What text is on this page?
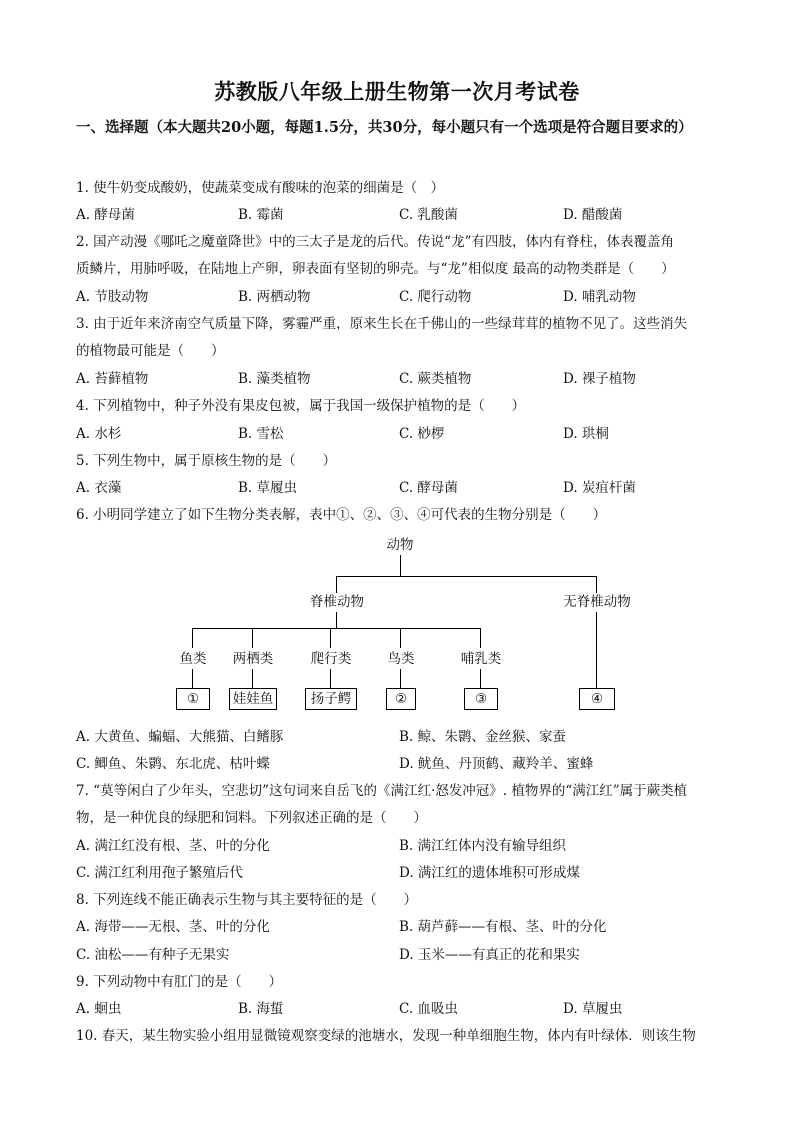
苏教版八年级上册生物第一次月考试卷
一、选择题（本大题共20小题，每题1.5分，共30分，每小题只有一个选项是符合题目要求的）
1. 使牛奶变成酸奶，使蔬菜变成有酸味的泡菜的细菌是（　）
A. 酵母菌	B. 霉菌	C. 乳酸菌	D. 醋酸菌
2. 国产动漫《哪吒之魔童降世》中的三太子是龙的后代。传说“龙”有四肢，体内有脊柱，体表覆盖角
质鳞片，用肺呼吸，在陆地上产卵，卵表面有坚韧的卵壳。与“龙”相似度 最高的动物类群是（　　）
A. 节肢动物	B. 两栖动物	C. 爬行动物	D. 哺乳动物
3. 由于近年来济南空气质量下降，雾霾严重，原来生长在千佛山的一些绿茸茸的植物不见了。这些消失
的植物最可能是（　　）
A. 苔藓植物	B. 藻类植物	C. 蕨类植物	D. 裸子植物
4. 下列植物中，种子外没有果皮包被，属于我国一级保护植物的是（　　）
A. 水杉	B. 雪松	C. 桫椤	D. 珙桐
5. 下列生物中，属于原核生物的是（　　）
A. 衣藻	B. 草履虫	C. 酵母菌	D. 炭疽杆菌
6. 小明同学建立了如下生物分类表解，表中①、②、③、④可代表的生物分别是（　　）
动物
脊椎动物	无脊椎动物
鱼类 两栖类	爬行类	鸟类	哺乳类
①	娃娃鱼	扬子鳄	②	③	④
A. 大黄鱼、蝙蝠、大熊猫、白鳍豚	B. 鲸、朱鹮、金丝猴、家蚕
C. 鲫鱼、朱鹮、东北虎、枯叶蝶	D. 鱿鱼、丹顶鹤、藏羚羊、蜜蜂
7. “莫等闲白了少年头，空悲切”这句词来自岳飞的《满江红·怒发冲冠》. 植物界的“满江红”属于蕨类植
物，是一种优良的绿肥和饲料。下列叙述正确的是（　　）
A. 满江红没有根、茎、叶的分化	B. 满江红体内没有输导组织
C. 满江红利用孢子繁殖后代	D. 满江红的遗体堆积可形成煤
8. 下列连线不能正确表示生物与其主要特征的是（　　）
A. 海带——无根、茎、叶的分化	B. 葫芦藓——有根、茎、叶的分化
C. 油松——有种子无果实	D. 玉米——有真正的花和果实
9. 下列动物中有肛门的是（　　）
A. 蛔虫	B. 海蜇	C. 血吸虫	D. 草履虫
10. 春天，某生物实验小组用显微镜观察变绿的池塘水，发现一种单细胞生物，体内有叶绿体．则该生物
